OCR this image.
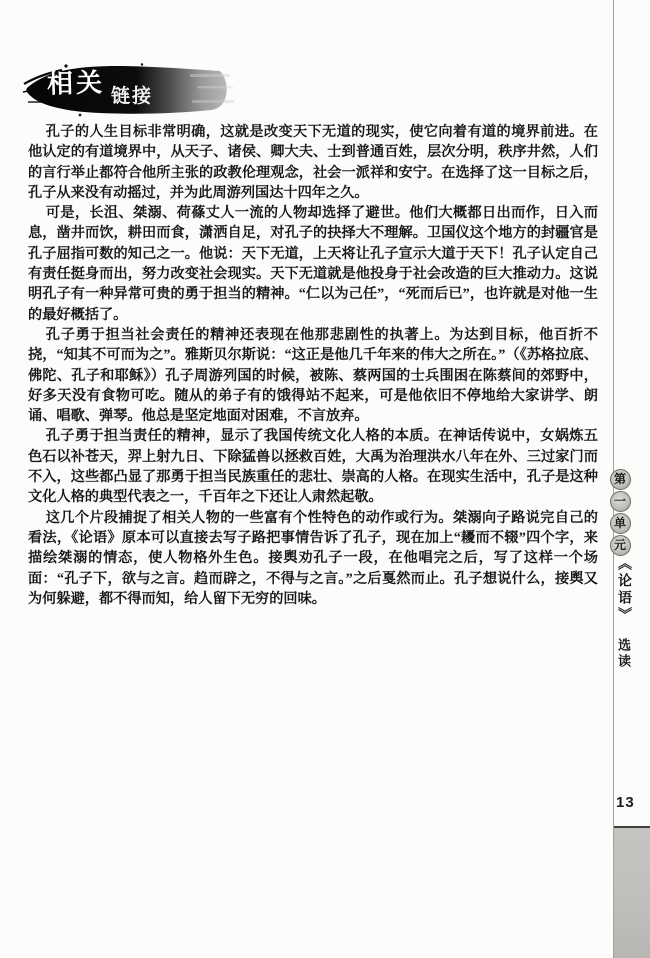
相关 链接

孔子的人生目标非常明确，这就是改变天下无道的现实，使它向着有道的境界前进。在他认定的有道境界中，从天子、诸侯、卿大夫、士到普通百姓，层次分明，秩序井然，人们的言行举止都符合他所主张的政教伦理观念，社会一派祥和安宁。在选择了这一目标之后，孔子从来没有动摇过，并为此周游列国达十四年之久。

可是，长沮、桀溺、荷蓧丈人一流的人物却选择了避世。他们大概都日出而作，日入而息，凿井而饮，耕田而食，潇洒自足，对孔子的抉择大不理解。卫国仪这个地方的封疆官是孔子屈指可数的知己之一。他说：天下无道，上天将让孔子宣示大道于天下！孔子认定自己有责任挺身而出，努力改变社会现实。天下无道就是他投身于社会改造的巨大推动力。这说明孔子有一种异常可贵的勇于担当的精神。“仁以为己任”，“死而后已”，也许就是对他一生的最好概括了。

孔子勇于担当社会责任的精神还表现在他那悲剧性的执著上。为达到目标，他百折不挠，“知其不可而为之”。雅斯贝尔斯说：“这正是他几千年来的伟大之所在。”（《苏格拉底、佛陀、孔子和耶稣》）孔子周游列国的时候，被陈、蔡两国的士兵围困在陈蔡间的郊野中，好多天没有食物可吃。随从的弟子有的饿得站不起来，可是他依旧不停地给大家讲学、朗诵、唱歌、弹琴。他总是坚定地面对困难，不言放弃。

孔子勇于担当责任的精神，显示了我国传统文化人格的本质。在神话传说中，女娲炼五色石以补苍天，羿上射九日、下除猛兽以拯救百姓，大禹为治理洪水八年在外、三过家门而不入，这些都凸显了那勇于担当民族重任的悲壮、崇高的人格。在现实生活中，孔子是这种文化人格的典型代表之一，千百年之下还让人肃然起敬。

这几个片段捕捉了相关人物的一些富有个性特色的动作或行为。桀溺向子路说完自己的看法，《论语》原本可以直接去写子路把事情告诉了孔子，现在加上“耰而不辍”四个字，来描绘桀溺的情态，使人物格外生色。接舆劝孔子一段，在他唱完之后，写了这样一个场面：“孔子下，欲与之言。趋而辟之，不得与之言。”之后戛然而止。孔子想说什么，接舆又为何躲避，都不得而知，给人留下无穷的回味。

第
一
单
元
《论语》 选读
13
